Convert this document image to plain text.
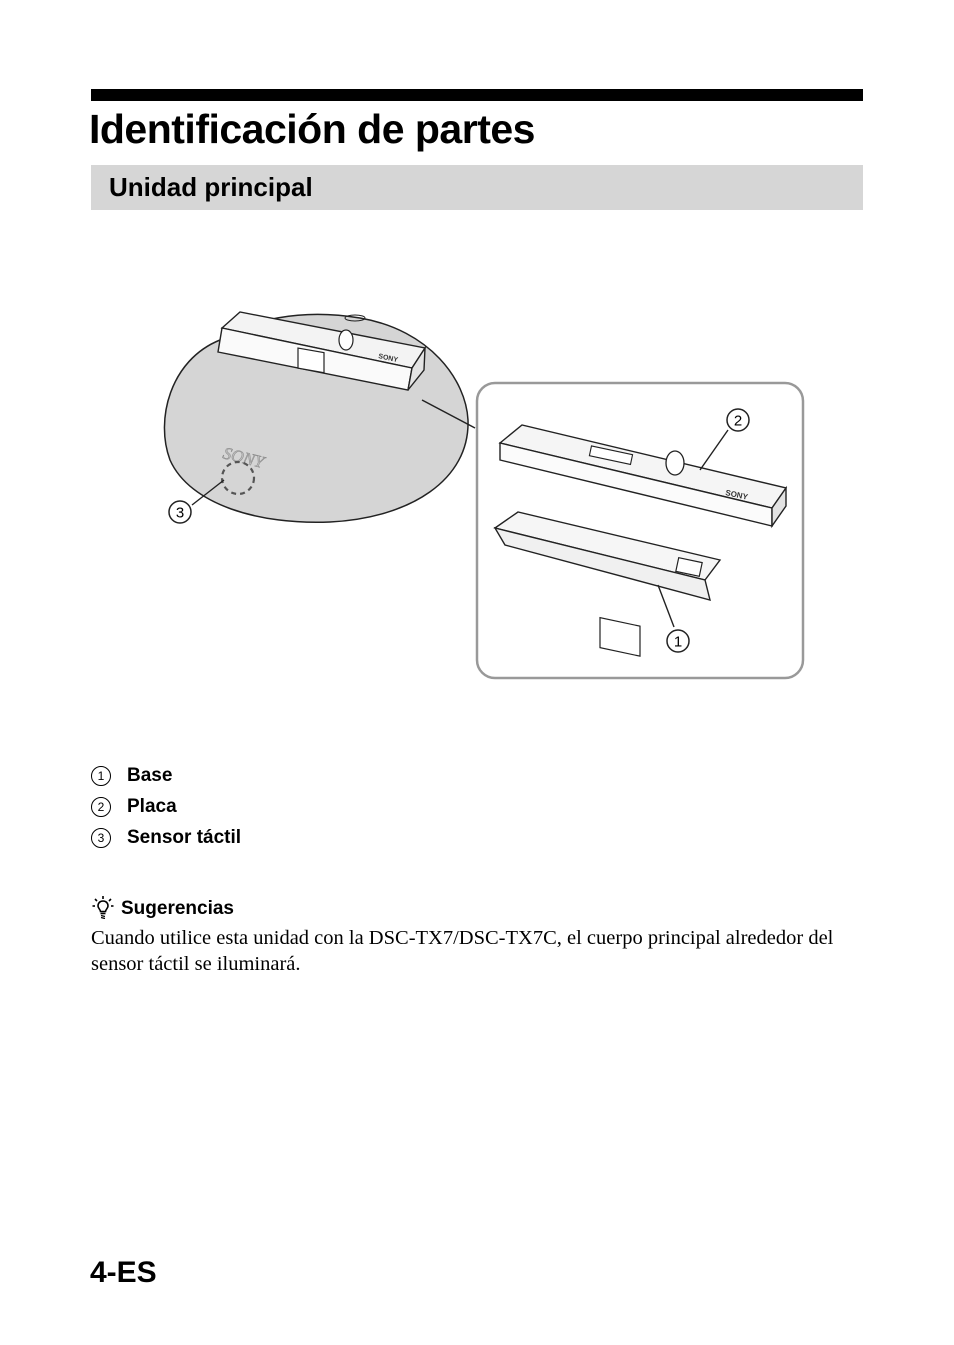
Identificación de partes
Unidad principal
SONY
SONY
SONY
2
1
3
1	Base
2	Placa
3	Sensor táctil
Sugerencias

Cuando utilice esta unidad con la DSC-TX7/DSC-TX7C, el cuerpo principal alrededor del sensor táctil se iluminará.

4-ES
